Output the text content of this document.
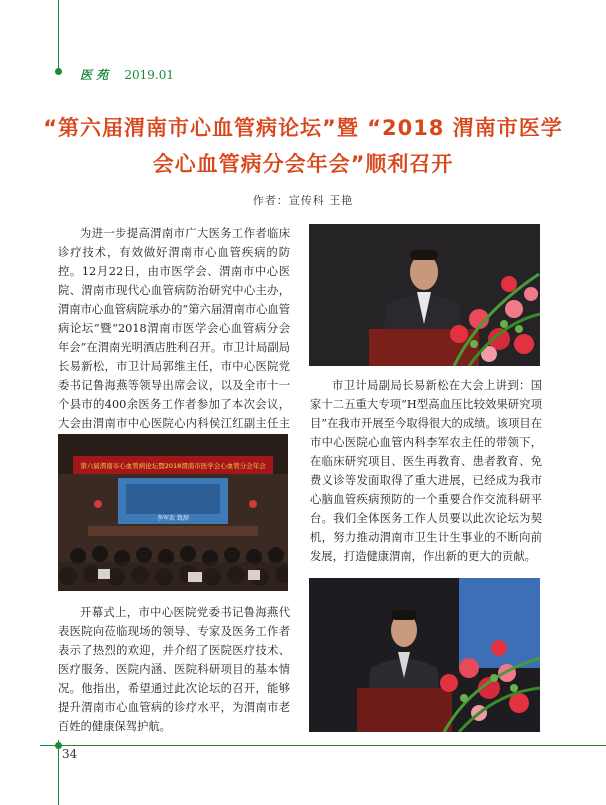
医 苑 2019.01
“第六届渭南市心血管病论坛”暨 “2018 渭南市医学会心血管病分会年会”顺利召开
作者：宣传科 王艳

为进一步提高渭南市广大医务工作者临床诊疗技术，有效做好渭南市心血管疾病的防控。12月22日，由市医学会、渭南市中心医院、渭南市现代心血管病防治研究中心主办，渭南市心血管病院承办的“第六届渭南市心血管病论坛”暨“2018渭南市医学会心血管病分会年会”在渭南光明酒店胜利召开。市卫计局副局长易新松，市卫计局郭维主任，市中心医院党委书记鲁海燕等领导出席会议，以及全市十一个县市的400余医务工作者参加了本次会议，大会由渭南市中心医院心内科侯江红副主任主

第六届渭南市心血管病论坛暨2018渭南市医学会心血管分会年会
李军农 致辞

市卫计局副局长易新松在大会上讲到：国家十二五重大专项“H型高血压比较效果研究项目”在我市开展至今取得很大的成绩。该项目在市中心医院心血管内科李军农主任的带领下，在临床研究项目、医生再教育、患者教育、免费义诊等发面取得了重大进展，已经成为我市心脑血管疾病预防的一个重要合作交流科研平台。我们全体医务工作人员要以此次论坛为契机，努力推动渭南市卫生计生事业的不断向前发展，打造健康渭南，作出新的更大的贡献。

开幕式上，市中心医院党委书记鲁海燕代表医院向莅临现场的领导、专家及医务工作者表示了热烈的欢迎，并介绍了医院医疗技术、医疗服务、医院内涵、医院科研项目的基本情况。他指出，希望通过此次论坛的召开，能够提升渭南市心血管病的诊疗水平，为渭南市老百姓的健康保驾护航。

34
